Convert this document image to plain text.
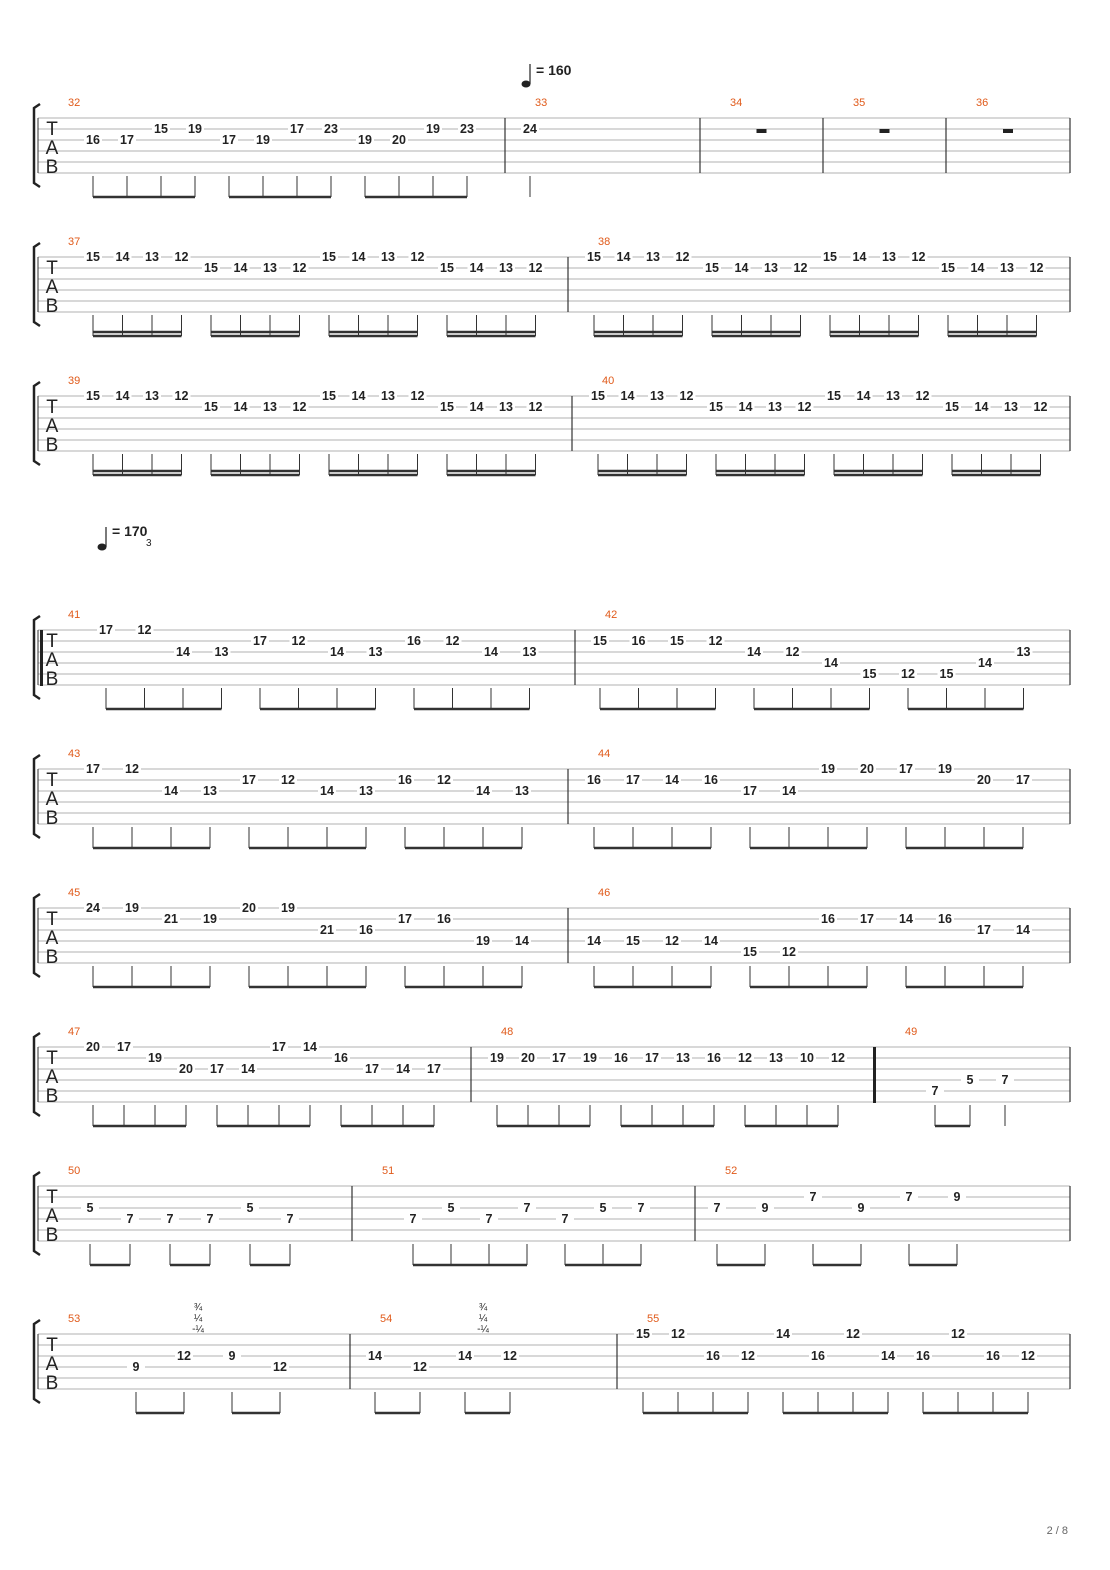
T
A
B
32
16 17
15 19
17 19
17 23
19 20
19 23
33
24
34	35	36
T
A
B
37
15 14 13 12
15 14 13 12
15 14 13 12
15 14 13 12
38
15 14 13 12
15 14 13 12
15 14 13 12
15 14 13 12
T
A
B
39
15 14 13 12
15 14 13 12
15 14 13 12
15 14 13 12
40
15 14 13 12
15 14 13 12
15 14 13 12
15 14 13 12
T
A
B
41
17 12
14 13
17 12
14 13
16 12
14 13
42
15 16 15 12
14 12
14
15 12 15
14
13
T
A
B
43
17 12
14 13
17 12
14 13
16 12
14 13
44
16 17 14 16
17 14
19 20 17 19
20 17
T
A
B
45
24 19
21 19
20 19
21 16
17 16
19 14
46
14 15 12 14
15 12
16 17 14 16
17 14
T
A
B
47
20 17
19
20 17 14
17 14
16
17 14 17
48
19 20 17 19 16 17 13 16 12 13 10 12
49
7
5 7
T
A
B
50
5
7	7	7
5
7
51
7
5
7
7
7
5 7
52
7	9
7
9
7	9
T
A
B
53
9
12	9
12
54
14
12
14 12
55
15 12
16 12
14
16
12
14 16
12
16 12
= 160
= 170
3
¾
¼
-¼
¾
¼
-¼
2 / 8
